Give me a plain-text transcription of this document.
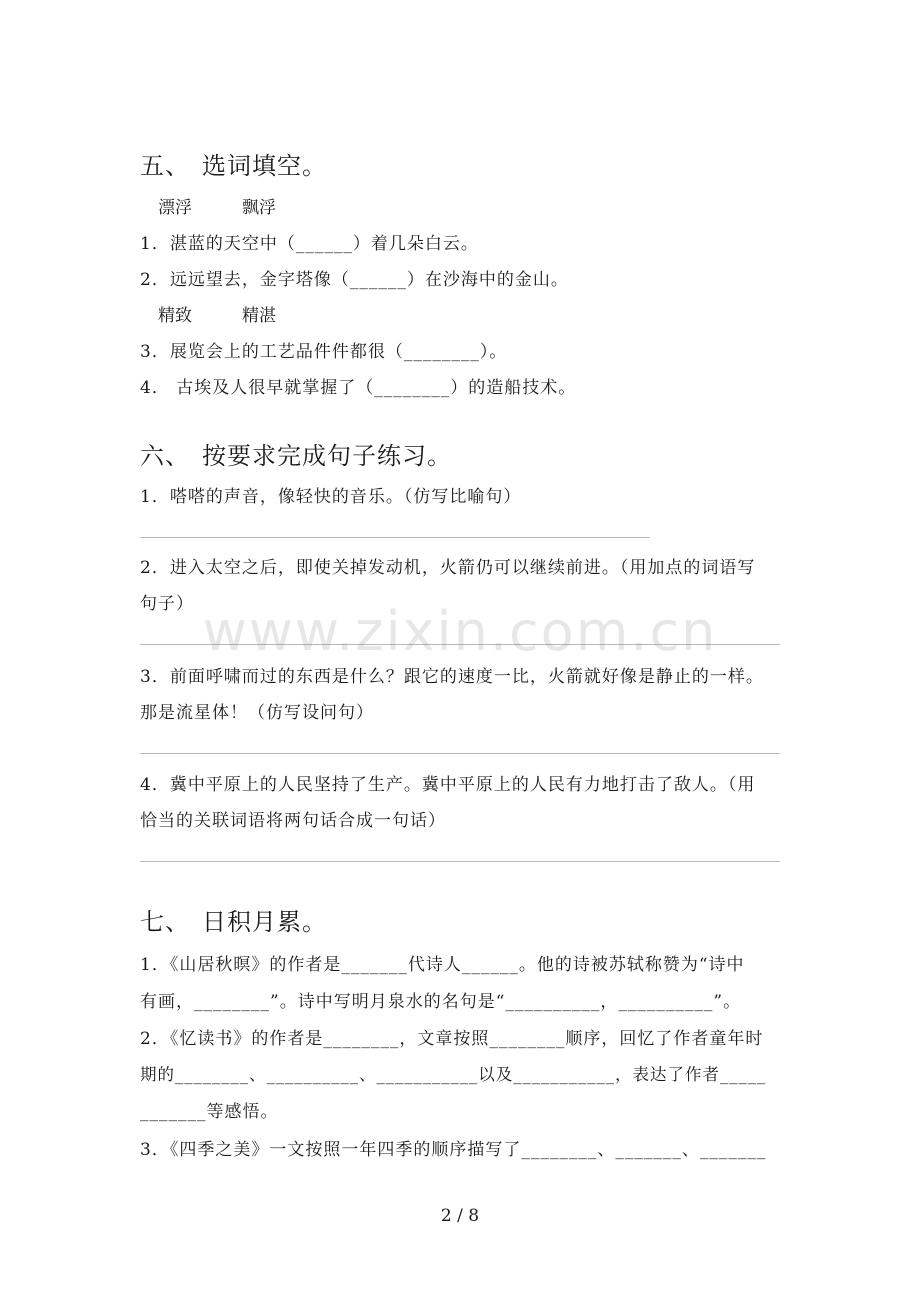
五、 选词填空。
漂浮	飘浮
1．湛蓝的天空中（______）着几朵白云。
2．远远望去，金字塔像（______）在沙海中的金山。
精致	精湛
3．展览会上的工艺品件件都很（________）。
4． 古埃及人很早就掌握了（________）的造船技术。
六、 按要求完成句子练习。
1．嗒嗒的声音，像轻快的音乐。（仿写比喻句）
2．进入太空之后，即使关掉发动机，火箭仍可以继续前进。（用加点的词语写
句子）
3．前面呼啸而过的东西是什么？跟它的速度一比，火箭就好像是静止的一样。
那是流星体！（仿写设问句）
4．冀中平原上的人民坚持了生产。冀中平原上的人民有力地打击了敌人。（用
恰当的关联词语将两句话合成一句话）
七、 日积月累。
1．《山居秋暝》的作者是_______代诗人______。他的诗被苏轼称赞为“诗中
有画，________”。诗中写明月泉水的名句是“__________，__________”。
2．《忆读书》的作者是________，文章按照________顺序，回忆了作者童年时
期的________、__________、___________以及___________，表达了作者_____
_______等感悟。
3．《四季之美》一文按照一年四季的顺序描写了________、_______、_______
www.zixin.com.cn
2 / 8
